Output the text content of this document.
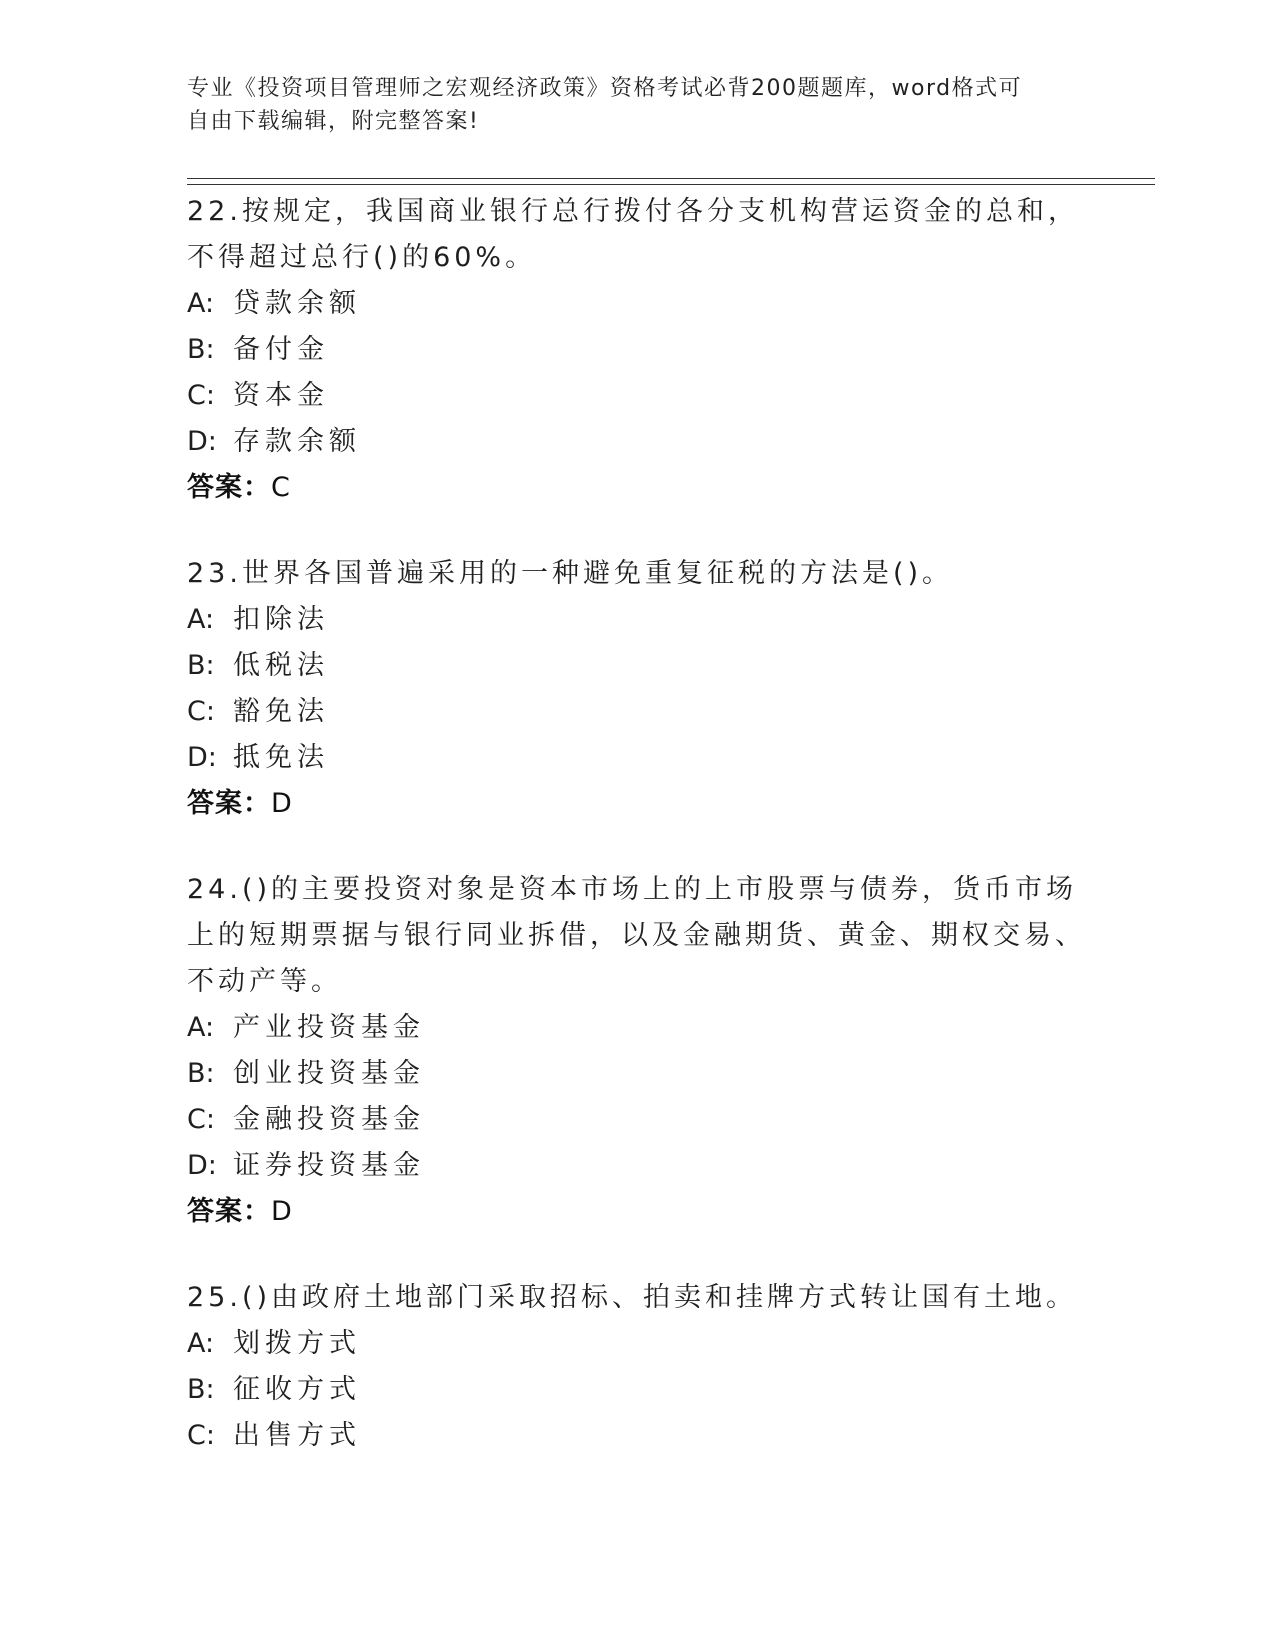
专业《投资项目管理师之宏观经济政策》资格考试必背200题题库，word格式可
自由下载编辑，附完整答案!
22.按规定，我国商业银行总行拨付各分支机构营运资金的总和，不得超过总行()的60%。
A: 贷款余额
B: 备付金
C: 资本金
D: 存款余额
答案：C
23.世界各国普遍采用的一种避免重复征税的方法是()。
A: 扣除法
B: 低税法
C: 豁免法
D: 抵免法
答案：D
24.()的主要投资对象是资本市场上的上市股票与债券，货币市场上的短期票据与银行同业拆借，以及金融期货、黄金、期权交易、不动产等。
A: 产业投资基金
B: 创业投资基金
C: 金融投资基金
D: 证券投资基金
答案：D
25.()由政府土地部门采取招标、拍卖和挂牌方式转让国有土地。
A: 划拨方式
B: 征收方式
C: 出售方式
